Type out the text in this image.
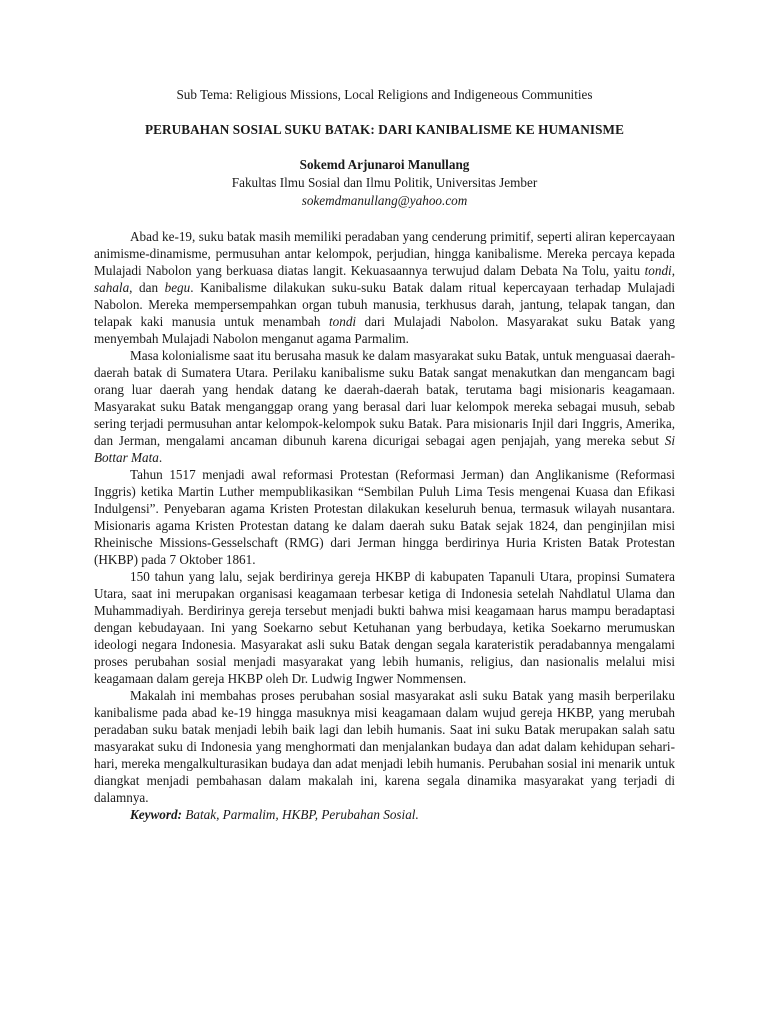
Sub Tema: Religious Missions, Local Religions and Indigeneous Communities
PERUBAHAN SOSIAL SUKU BATAK: DARI KANIBALISME KE HUMANISME
Sokemd Arjunaroi Manullang
Fakultas Ilmu Sosial dan Ilmu Politik, Universitas Jember
sokemdmanullang@yahoo.com

Abad ke-19, suku batak masih memiliki peradaban yang cenderung primitif, seperti aliran kepercayaan animisme-dinamisme, permusuhan antar kelompok, perjudian, hingga kanibalisme. Mereka percaya kepada Mulajadi Nabolon yang berkuasa diatas langit. Kekuasaannya terwujud dalam Debata Na Tolu, yaitu tondi, sahala, dan begu. Kanibalisme dilakukan suku-suku Batak dalam ritual kepercayaan terhadap Mulajadi Nabolon. Mereka mempersempahkan organ tubuh manusia, terkhusus darah, jantung, telapak tangan, dan telapak kaki manusia untuk menambah tondi dari Mulajadi Nabolon. Masyarakat suku Batak yang menyembah Mulajadi Nabolon menganut agama Parmalim.

Masa kolonialisme saat itu berusaha masuk ke dalam masyarakat suku Batak, untuk menguasai daerah-daerah batak di Sumatera Utara. Perilaku kanibalisme suku Batak sangat menakutkan dan mengancam bagi orang luar daerah yang hendak datang ke daerah-daerah batak, terutama bagi misionaris keagamaan. Masyarakat suku Batak menganggap orang yang berasal dari luar kelompok mereka sebagai musuh, sebab sering terjadi permusuhan antar kelompok-kelompok suku Batak. Para misionaris Injil dari Inggris, Amerika, dan Jerman, mengalami ancaman dibunuh karena dicurigai sebagai agen penjajah, yang mereka sebut Si Bottar Mata.

Tahun 1517 menjadi awal reformasi Protestan (Reformasi Jerman) dan Anglikanisme (Reformasi Inggris) ketika Martin Luther mempublikasikan “Sembilan Puluh Lima Tesis mengenai Kuasa dan Efikasi Indulgensi”. Penyebaran agama Kristen Protestan dilakukan keseluruh benua, termasuk wilayah nusantara. Misionaris agama Kristen Protestan datang ke dalam daerah suku Batak sejak 1824, dan penginjilan misi Rheinische Missions-Gesselschaft (RMG) dari Jerman hingga berdirinya Huria Kristen Batak Protestan (HKBP) pada 7 Oktober 1861.

150 tahun yang lalu, sejak berdirinya gereja HKBP di kabupaten Tapanuli Utara, propinsi Sumatera Utara, saat ini merupakan organisasi keagamaan terbesar ketiga di Indonesia setelah Nahdlatul Ulama dan Muhammadiyah. Berdirinya gereja tersebut menjadi bukti bahwa misi keagamaan harus mampu beradaptasi dengan kebudayaan. Ini yang Soekarno sebut Ketuhanan yang berbudaya, ketika Soekarno merumuskan ideologi negara Indonesia. Masyarakat asli suku Batak dengan segala karateristik peradabannya mengalami proses perubahan sosial menjadi masyarakat yang lebih humanis, religius, dan nasionalis melalui misi keagamaan dalam gereja HKBP oleh Dr. Ludwig Ingwer Nommensen.

Makalah ini membahas proses perubahan sosial masyarakat asli suku Batak yang masih berperilaku kanibalisme pada abad ke-19 hingga masuknya misi keagamaan dalam wujud gereja HKBP, yang merubah peradaban suku batak menjadi lebih baik lagi dan lebih humanis. Saat ini suku Batak merupakan salah satu masyarakat suku di Indonesia yang menghormati dan menjalankan budaya dan adat dalam kehidupan sehari-hari, mereka mengalkulturasikan budaya dan adat menjadi lebih humanis. Perubahan sosial ini menarik untuk diangkat menjadi pembahasan dalam makalah ini, karena segala dinamika masyarakat yang terjadi di dalamnya.

Keyword: Batak, Parmalim, HKBP, Perubahan Sosial.
